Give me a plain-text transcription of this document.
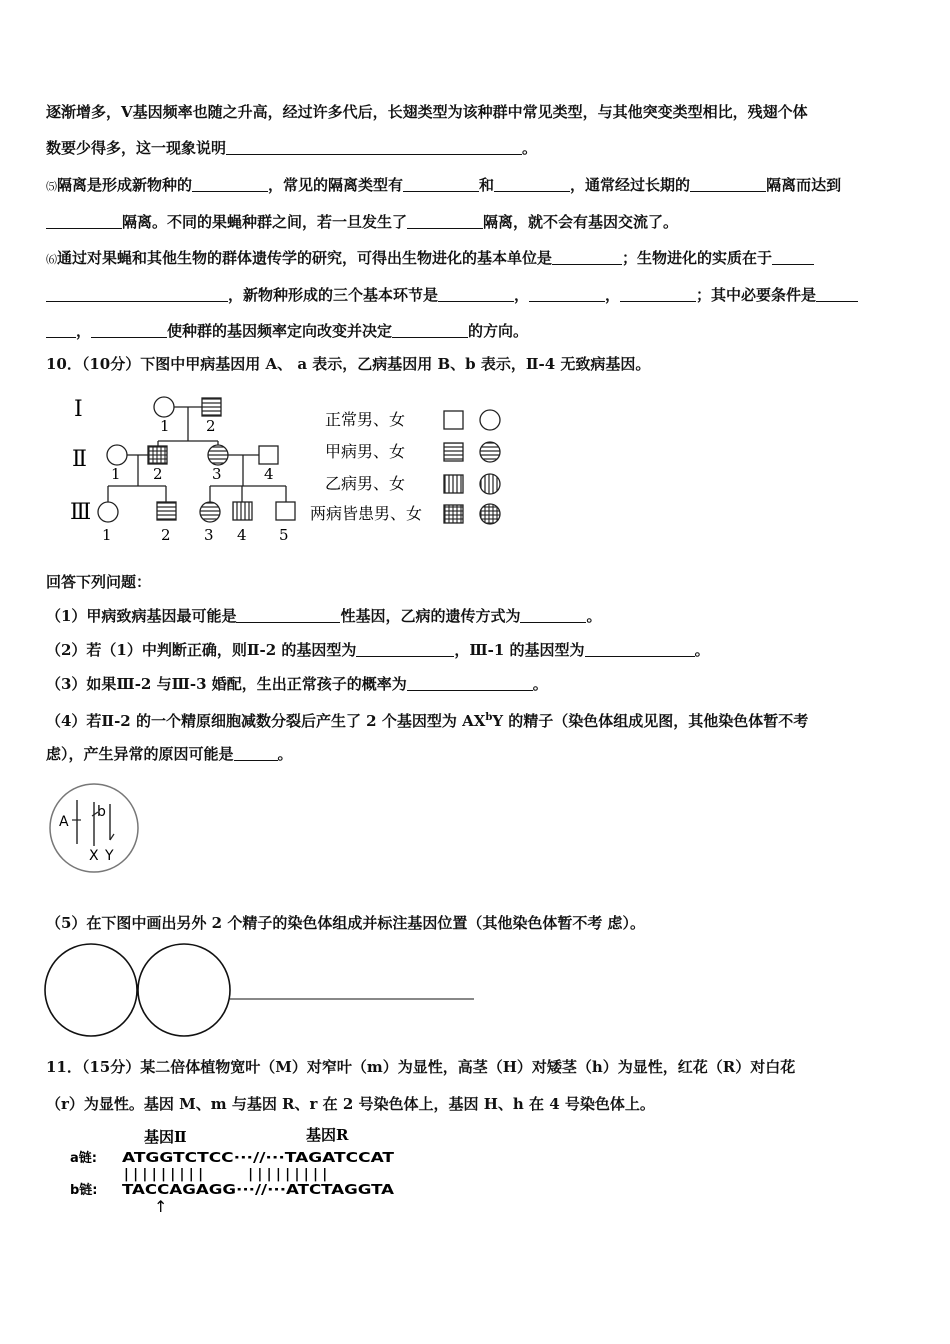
逐渐增多，V基因频率也随之升高，经过许多代后，长翅类型为该种群中常见类型，与其他突变类型相比，残翅个体
数要少得多，这一现象说明	。
⑸隔离是形成新物种的	，常见的隔离类型有	和	，通常经过长期的	隔离而达到
隔离。不同的果蝇种群之间，若一旦发生了	隔离，就不会有基因交流了。
⑹通过对果蝇和其他生物的群体遗传学的研究，可得出生物进化的基本单位是	；生物进化的实质在于
，新物种形成的三个基本环节是	，	，	；其中必要条件是
，	使种群的基因频率定向改变并决定	的方向。
10．（10分）下图中甲病基因用 A、 a 表示，乙病基因用 B、b 表示，Ⅱ-4 无致病基因。
Ⅰ
Ⅱ
Ⅲ
1 2
1 2	3	4
1	2 3 4 5
正常男、女
甲病男、女
乙病男、女
两病皆患男、女
回答下列问题：
（1）甲病致病基因最可能是	性基因，乙病的遗传方式为	。
（2）若（1）中判断正确，则Ⅱ-2 的基因型为	，Ⅲ-1 的基因型为	。
（3）如果Ⅲ-2 与Ⅲ-3 婚配，生出正常孩子的概率为	。
（4）若Ⅱ-2 的一个精原细胞减数分裂后产生了 2 个基因型为 $AX^bY$ 的精子（染色体组成见图，其他染色体暂不考
虑），产生异常的原因可能是	。
A
b
X Y
（5）在下图中画出另外 2 个精子的染色体组成并标注基因位置（其他染色体暂不考 虑）。
11．（15分）某二倍体植物宽叶（M）对窄叶（m）为显性，高茎（H）对矮茎（h）为显性，红花（R）对白花
（r）为显性。基因 M、m 与基因 R、r 在 2 号染色体上，基因 H、h 在 4 号染色体上。
基因Ⅱ	基因R
a链:
b链:
ATGGTCTCC···//···TAGATCCAT
| | | | | | | | |          | | | | | | | | |
TACCAGAGG···//···ATCTAGGTA
↑
